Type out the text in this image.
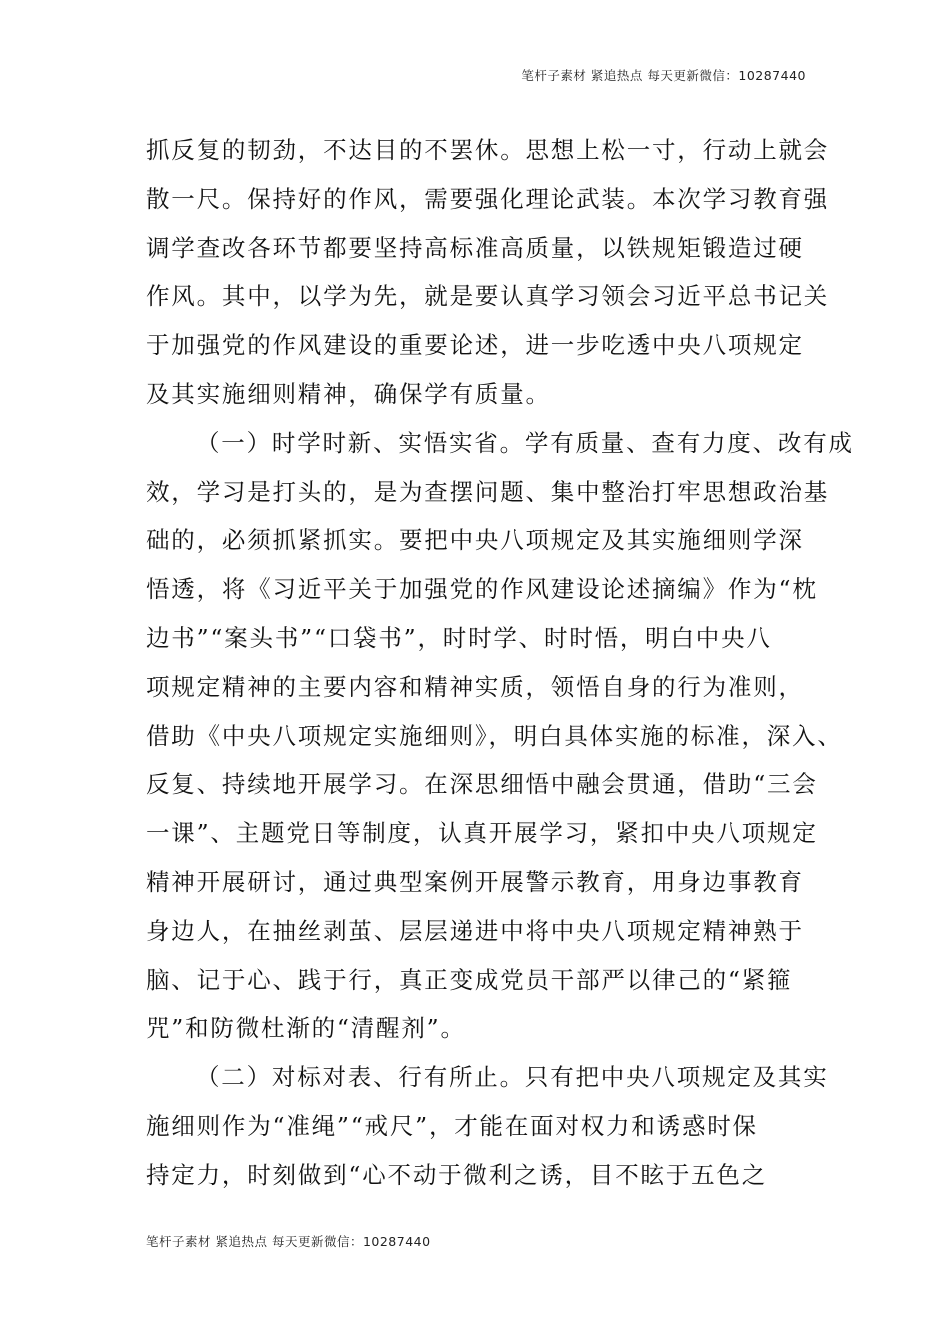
笔杆子素材 紧追热点 每天更新微信：10287440
抓反复的韧劲，不达目的不罢休。思想上松一寸，行动上就会
散一尺。保持好的作风，需要强化理论武装。本次学习教育强
调学查改各环节都要坚持高标准高质量，以铁规矩锻造过硬
作风。其中，以学为先，就是要认真学习领会习近平总书记关
于加强党的作风建设的重要论述，进一步吃透中央八项规定
及其实施细则精神，确保学有质量。
（一）时学时新、实悟实省。学有质量、查有力度、改有成
效，学习是打头的，是为查摆问题、集中整治打牢思想政治基
础的，必须抓紧抓实。要把中央八项规定及其实施细则学深
悟透，将《习近平关于加强党的作风建设论述摘编》作为“枕
边书”“案头书”“口袋书”，时时学、时时悟，明白中央八
项规定精神的主要内容和精神实质，领悟自身的行为准则，
借助《中央八项规定实施细则》，明白具体实施的标准，深入、
反复、持续地开展学习。在深思细悟中融会贯通，借助“三会
一课”、主题党日等制度，认真开展学习，紧扣中央八项规定
精神开展研讨，通过典型案例开展警示教育，用身边事教育
身边人，在抽丝剥茧、层层递进中将中央八项规定精神熟于
脑、记于心、践于行，真正变成党员干部严以律己的“紧箍
咒”和防微杜渐的“清醒剂”。
（二）对标对表、行有所止。只有把中央八项规定及其实
施细则作为“准绳”“戒尺”，才能在面对权力和诱惑时保
持定力，时刻做到“心不动于微利之诱，目不眩于五色之
笔杆子素材 紧追热点 每天更新微信：10287440
